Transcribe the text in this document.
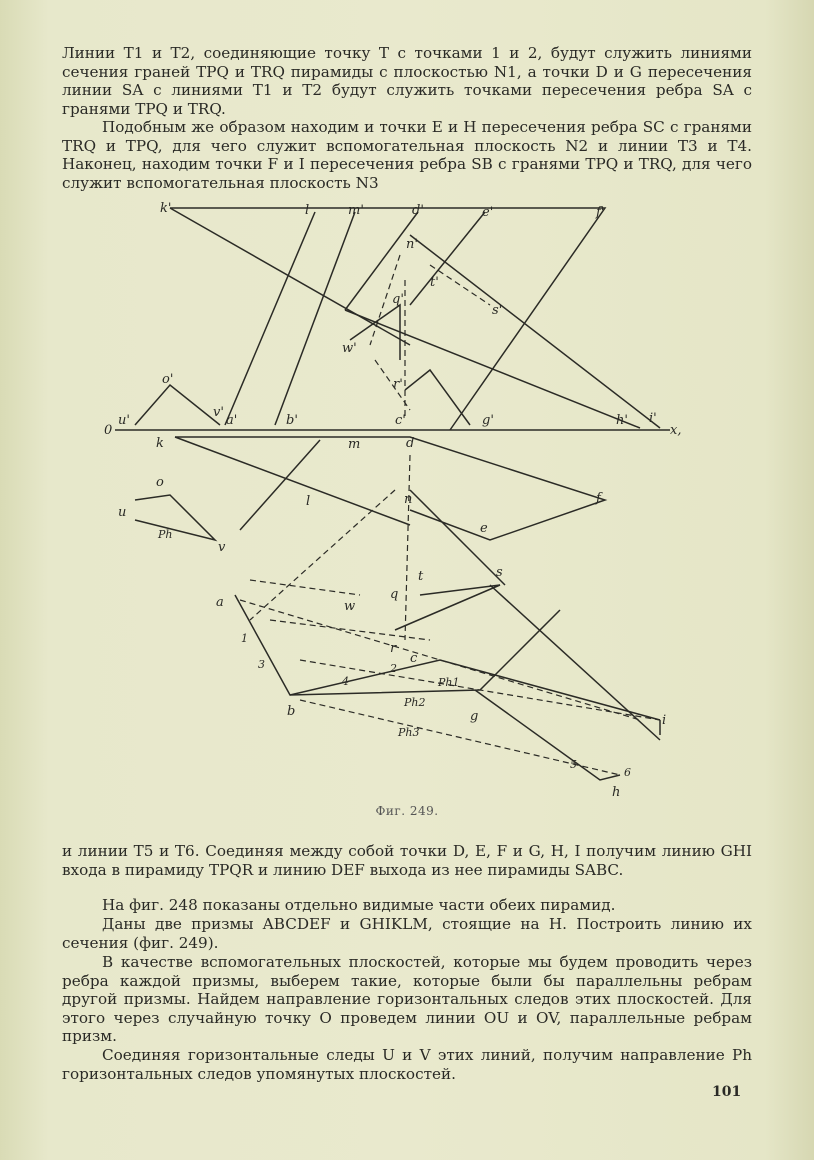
Линии T1 и T2, соединяющие точку T с точками 1 и 2, будут служить линиями сечения граней TPQ и TRQ пирамиды с плоскостью N1, а точки D и G пересечения линии SA с линиями T1 и T2 будут служить точками пересечения ребра SA с гранями TPQ и TRQ.

Подобным же образом находим и точки E и H пересечения ребра SC с гранями TRQ и TPQ, для чего служит вспомогательная плоскость N2 и линии T3 и T4. Наконец, находим точки F и I пересечения ребра SB с гранями TPQ и TRQ, для чего служит вспомогательная плоскость N3

k'	l	m'	d'	e'	f'
n'
t'
q'
s'
w'
r'
o'
u'
v'
a'	b'	c'	g'	h' i'
0	x,
k	m	d
l	n	f
o
u
Ph
v
e
t	s
q
a	w
r
c
1
2
3
4	Ph1
Ph2
Ph3
b	g	i
5
6
h
Фиг. 249.

и линии T5 и T6. Соединяя между собой точки D, E, F и G, H, I получим линию GHI входа в пирамиду TPQR и линию DEF выхода из нее пирамиды SABC.

На фиг. 248 показаны отдельно видимые части обеих пирамид.

Даны две призмы ABCDEF и GHIKLM, стоящие на H. Построить линию их сечения (фиг. 249).

В качестве вспомогательных плоскостей, которые мы будем проводить через ребра каждой призмы, выберем такие, которые были бы параллельны ребрам другой призмы. Найдем направление горизонтальных следов этих плоскостей. Для этого через случайную точку O проведем линии OU и OV, параллельные ребрам призм.

Соединяя горизонтальные следы U и V этих линий, получим направление Ph горизонтальных следов упомянутых плоскостей.

101
